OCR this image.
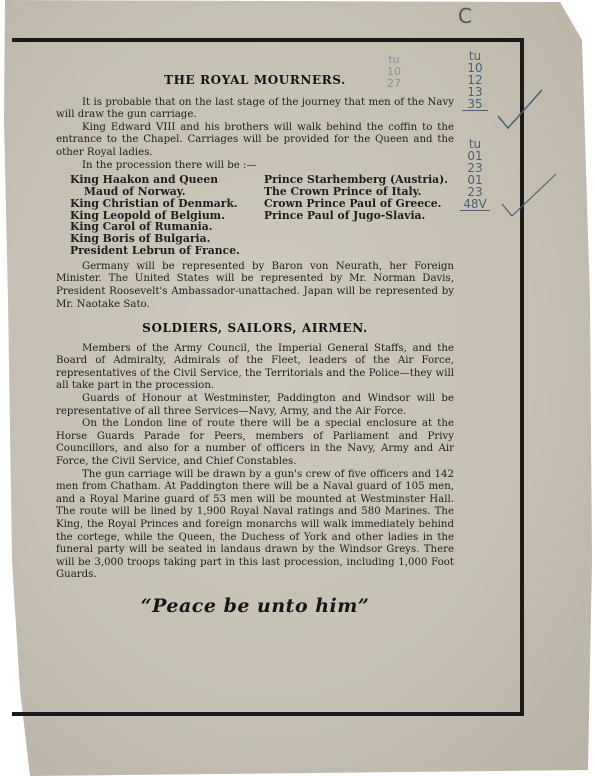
THE ROYAL MOURNERS.

It is probable that on the last stage of the journey that men of the Navy will draw the gun carriage.

King Edward VIII and his brothers will walk behind the coffin to the entrance to the Chapel. Carriages will be provided for the Queen and the other Royal ladies.

In the procession there will be :—

King Haakon and Queen Maud of Norway.
King Christian of Denmark.
King Leopold of Belgium.
King Carol of Rumania.
King Boris of Bulgaria.
President Lebrun of France.
Prince Starhemberg (Austria).
The Crown Prince of Italy.
Crown Prince Paul of Greece.
Prince Paul of Jugo-Slavia.

Germany will be represented by Baron von Neurath, her Foreign Minister. The United States will be represented by Mr. Norman Davis, President Roosevelt's Ambassador-unattached. Japan will be represented by Mr. Naotake Sato.

SOLDIERS, SAILORS, AIRMEN.

Members of the Army Council, the Imperial General Staffs, and the Board of Admiralty, Admirals of the Fleet, leaders of the Air Force, representatives of the Civil Service, the Territorials and the Police—they will all take part in the procession.

Guards of Honour at Westminster, Paddington and Windsor will be representative of all three Services—Navy, Army, and the Air Force.

On the London line of route there will be a special enclosure at the Horse Guards Parade for Peers, members of Parliament and Privy Councillors, and also for a number of officers in the Navy, Army and Air Force, the Civil Service, and Chief Constables.

The gun carriage will be drawn by a gun's crew of five officers and 142 men from Chatham. At Paddington there will be a Naval guard of 105 men, and a Royal Marine guard of 53 men will be mounted at Westminster Hall. The route will be lined by 1,900 Royal Naval ratings and 580 Marines. The King, the Royal Princes and foreign monarchs will walk immediately behind the cortege, while the Queen, the Duchess of York and other ladies in the funeral party will be seated in landaus drawn by the Windsor Greys. There will be 3,000 troops taking part in this last procession, including 1,000 Foot Guards.

“Peace be unto him”
C
tu
10
12
13
35
tu
01
23
01
23
48V
tu
10
27
